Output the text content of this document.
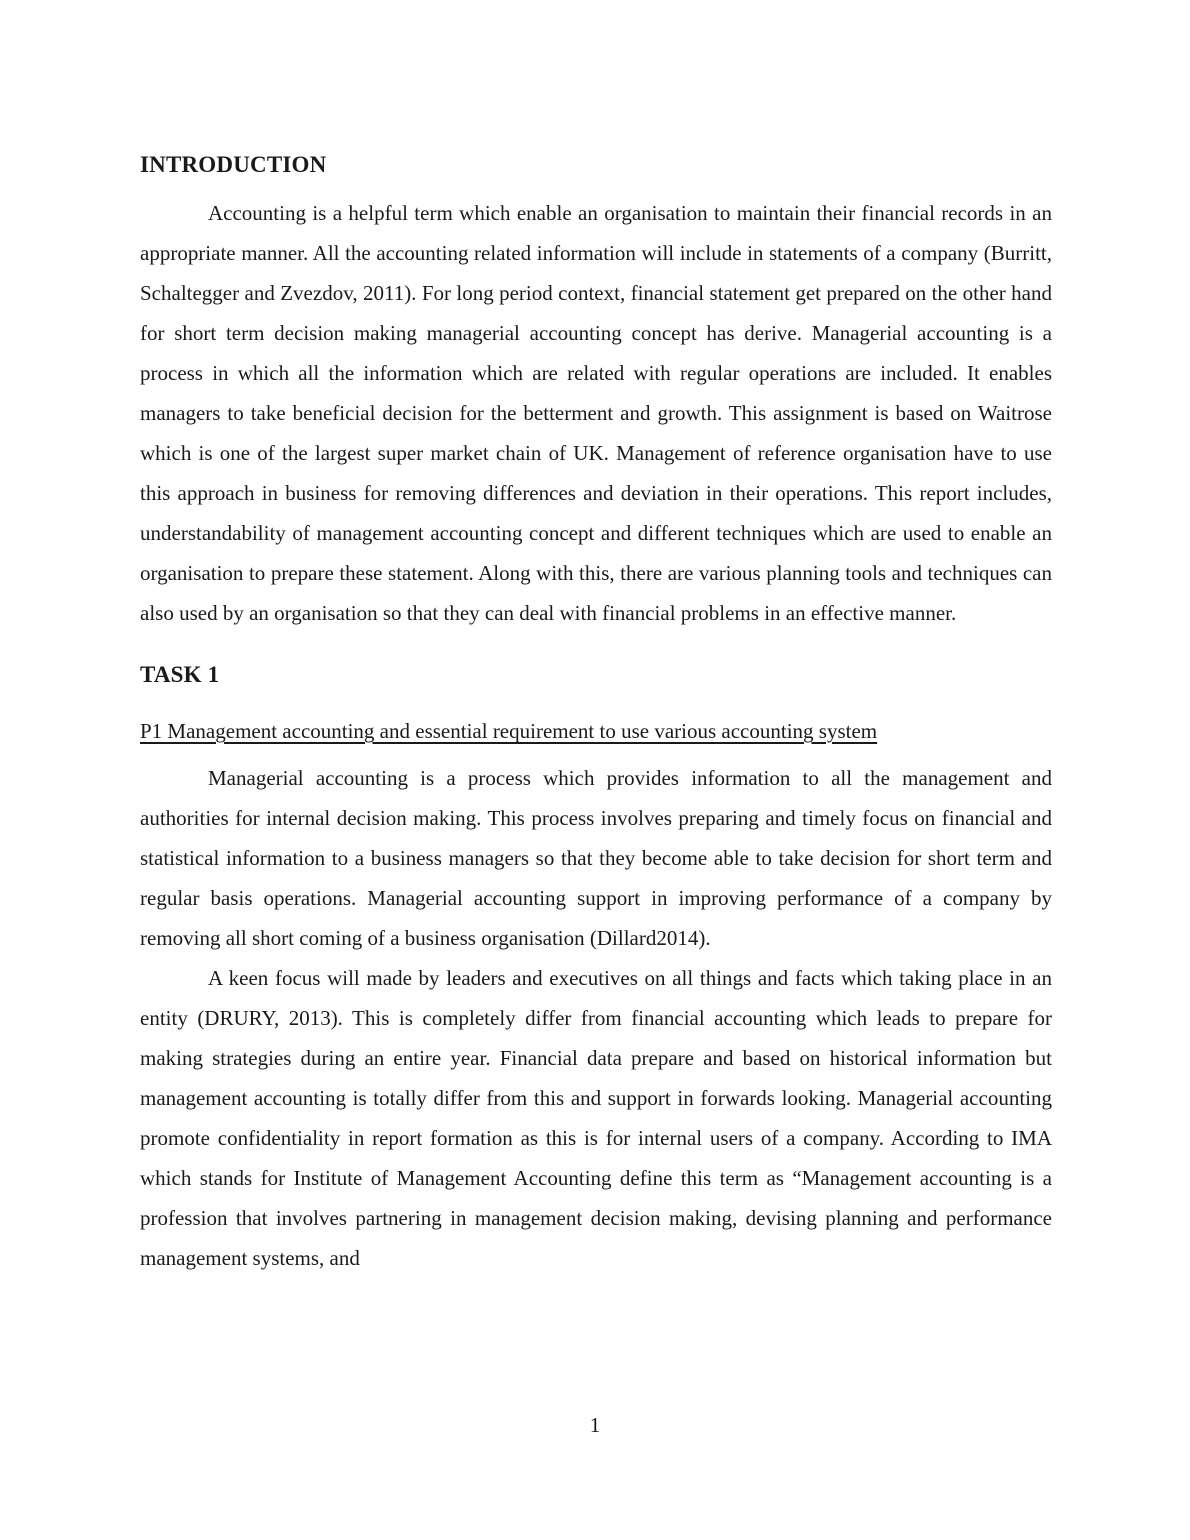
INTRODUCTION

Accounting is a helpful term which enable an organisation to maintain their financial records in an appropriate manner. All the accounting related information will include in statements of a company (Burritt, Schaltegger and Zvezdov, 2011). For long period context, financial statement get prepared on the other hand for short term decision making managerial accounting concept has derive. Managerial accounting is a process in which all the information which are related with regular operations are included. It enables managers to take beneficial decision for the betterment and growth. This assignment is based on Waitrose which is one of the largest super market chain of UK. Management of reference organisation have to use this approach in business for removing differences and deviation in their operations. This report includes, understandability of management accounting concept and different techniques which are used to enable an organisation to prepare these statement. Along with this, there are various planning tools and techniques can also used by an organisation so that they can deal with financial problems in an effective manner.

TASK 1
P1 Management accounting and essential requirement to use various accounting system

Managerial accounting is a process which provides information to all the management and authorities for internal decision making. This process involves preparing and timely focus on financial and statistical information to a business managers so that they become able to take decision for short term and regular basis operations. Managerial accounting support in improving performance of a company by removing all short coming of a business organisation (Dillard2014).

A keen focus will made by leaders and executives on all things and facts which taking place in an entity (DRURY, 2013). This is completely differ from financial accounting which leads to prepare for making strategies during an entire year. Financial data prepare and based on historical information but management accounting is totally differ from this and support in forwards looking. Managerial accounting promote confidentiality in report formation as this is for internal users of a company. According to IMA which stands for Institute of Management Accounting define this term as “Management accounting is a profession that involves partnering in management decision making, devising planning and performance management systems, and

1
